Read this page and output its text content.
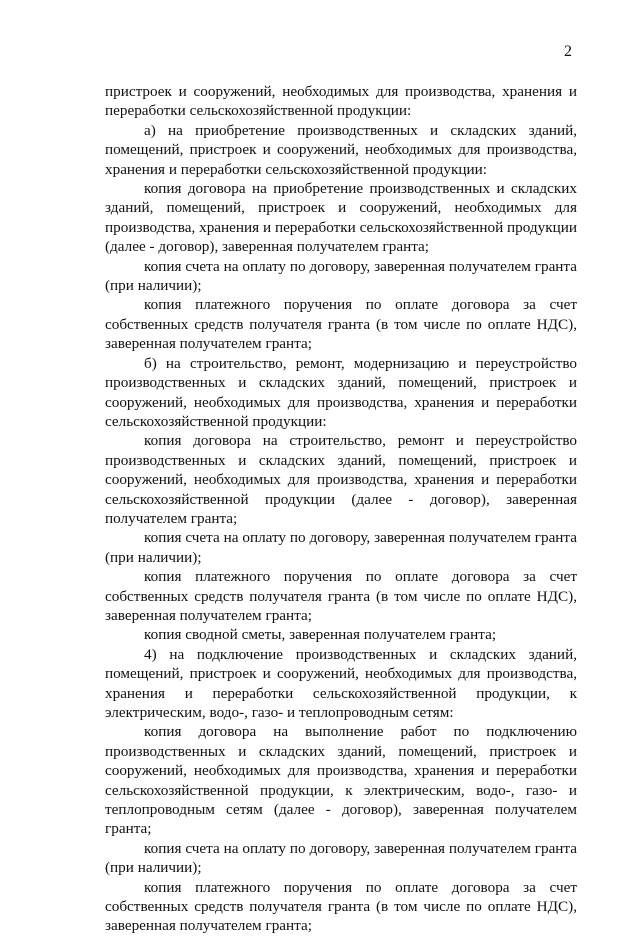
2

пристроек и сооружений, необходимых для производства, хранения и переработки сельскохозяйственной продукции:

а) на приобретение производственных и складских зданий, помещений, пристроек и сооружений, необходимых для производства, хранения и переработки сельскохозяйственной продукции:

копия договора на приобретение производственных и складских зданий, помещений, пристроек и сооружений, необходимых для производства, хранения и переработки сельскохозяйственной продукции (далее - договор), заверенная получателем гранта;

копия счета на оплату по договору, заверенная получателем гранта (при наличии);

копия платежного поручения по оплате договора за счет собственных средств получателя гранта (в том числе по оплате НДС), заверенная получателем гранта;

б) на строительство, ремонт, модернизацию и переустройство производственных и складских зданий, помещений, пристроек и сооружений, необходимых для производства, хранения и переработки сельскохозяйственной продукции:

копия договора на строительство, ремонт и переустройство производственных и складских зданий, помещений, пристроек и сооружений, необходимых для производства, хранения и переработки сельскохозяйственной продукции (далее - договор), заверенная получателем гранта;

копия счета на оплату по договору, заверенная получателем гранта (при наличии);

копия платежного поручения по оплате договора за счет собственных средств получателя гранта (в том числе по оплате НДС), заверенная получателем гранта;

копия сводной сметы, заверенная получателем гранта;

4) на подключение производственных и складских зданий, помещений, пристроек и сооружений, необходимых для производства, хранения и переработки сельскохозяйственной продукции, к электрическим, водо-, газо- и теплопроводным сетям:

копия договора на выполнение работ по подключению производственных и складских зданий, помещений, пристроек и сооружений, необходимых для производства, хранения и переработки сельскохозяйственной продукции, к электрическим, водо-, газо- и теплопроводным сетям (далее - договор), заверенная получателем гранта;

копия счета на оплату по договору, заверенная получателем гранта (при наличии);

копия платежного поручения по оплате договора за счет собственных средств получателя гранта (в том числе по оплате НДС), заверенная получателем гранта;
